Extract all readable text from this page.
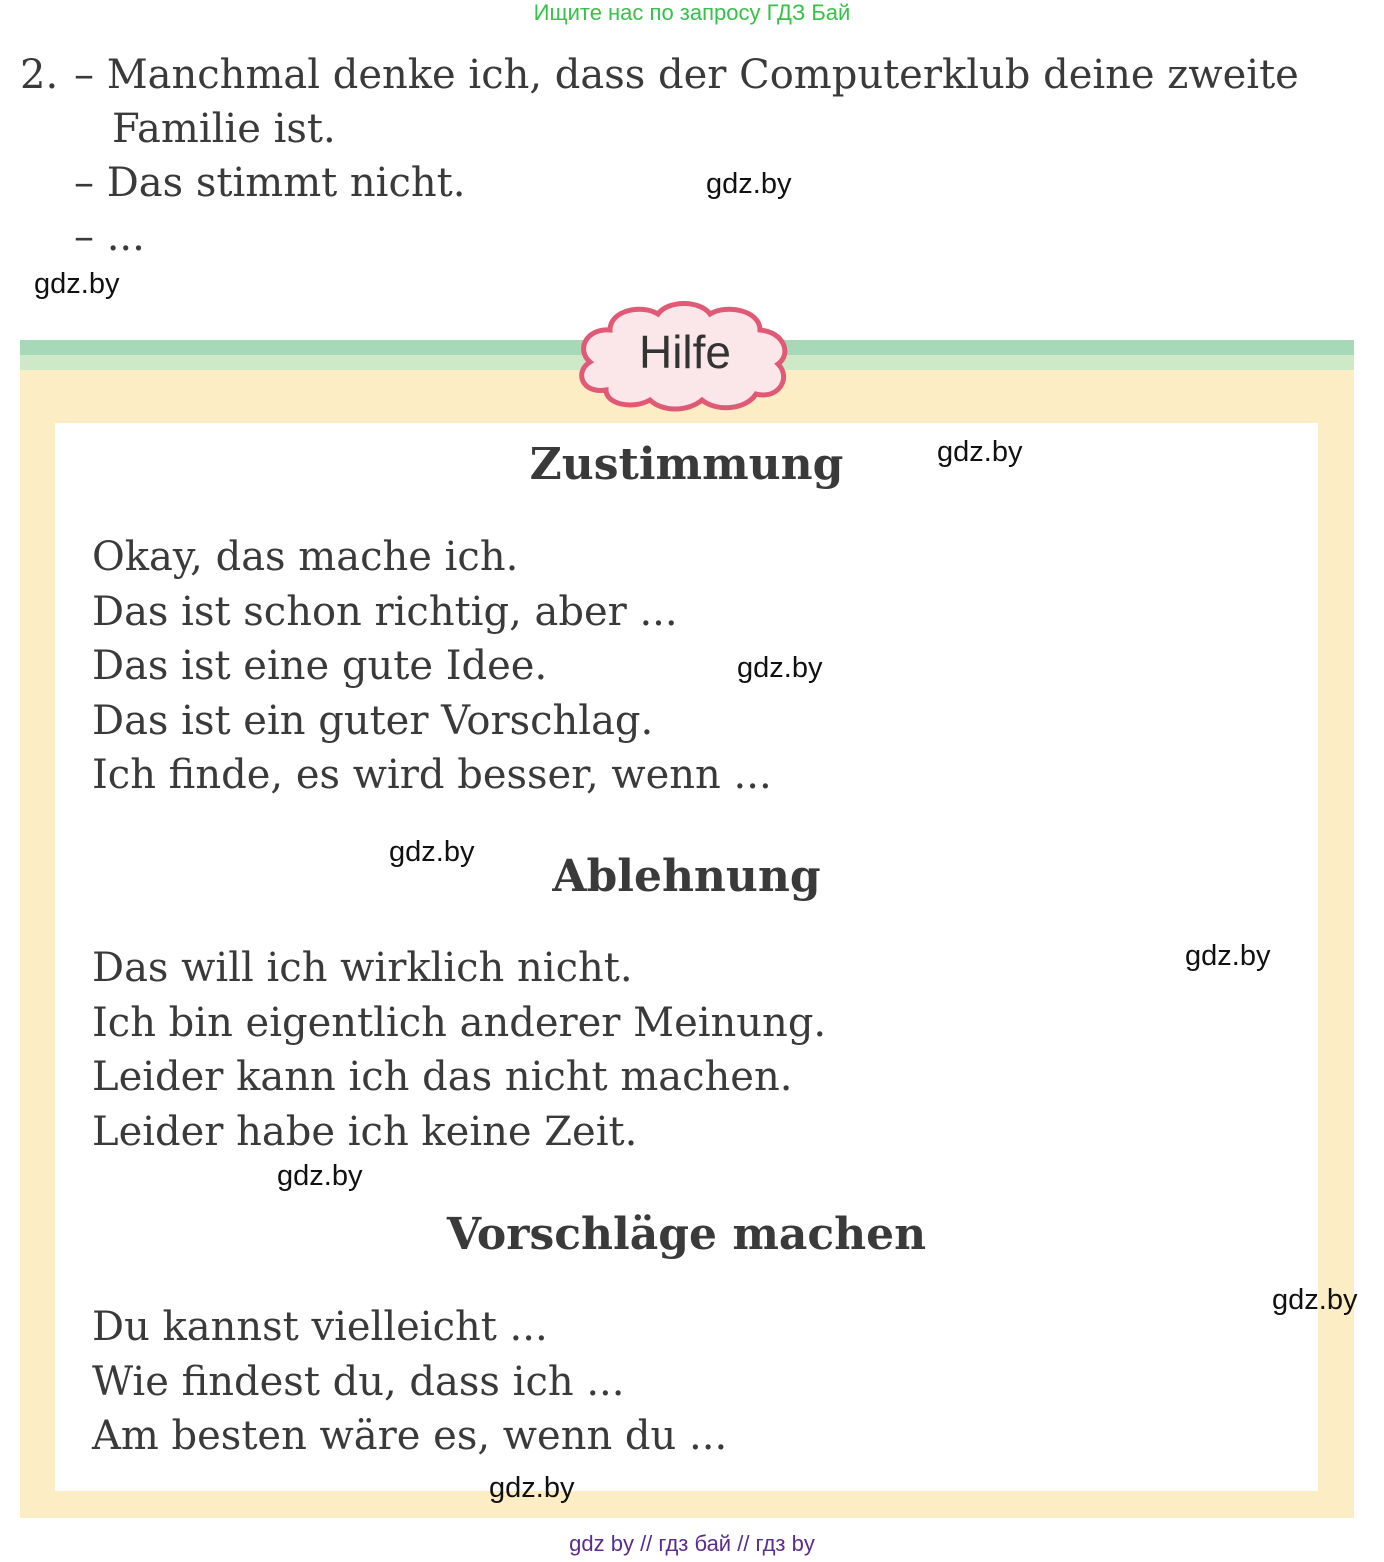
Ищите нас по запросу ГДЗ Бай
2. – Manchmal denke ich, dass der Computerklub deine zweite
Familie ist.
– Das stimmt nicht.
– ...
Hilfe
Zustimmung
Okay, das mache ich.
Das ist schon richtig, aber ...
Das ist eine gute Idee.
Das ist ein guter Vorschlag.
Ich finde, es wird besser, wenn ...
Ablehnung
Das will ich wirklich nicht.
Ich bin eigentlich anderer Meinung.
Leider kann ich das nicht machen.
Leider habe ich keine Zeit.
Vorschläge machen
Du kannst vielleicht ...
Wie findest du, dass ich ...
Am besten wäre es, wenn du ...
gdz.by
gdz.by
gdz.by
gdz.by
gdz.by
gdz.by
gdz.by
gdz.by
gdz.by
gdz by // гдз бай // гдз by
